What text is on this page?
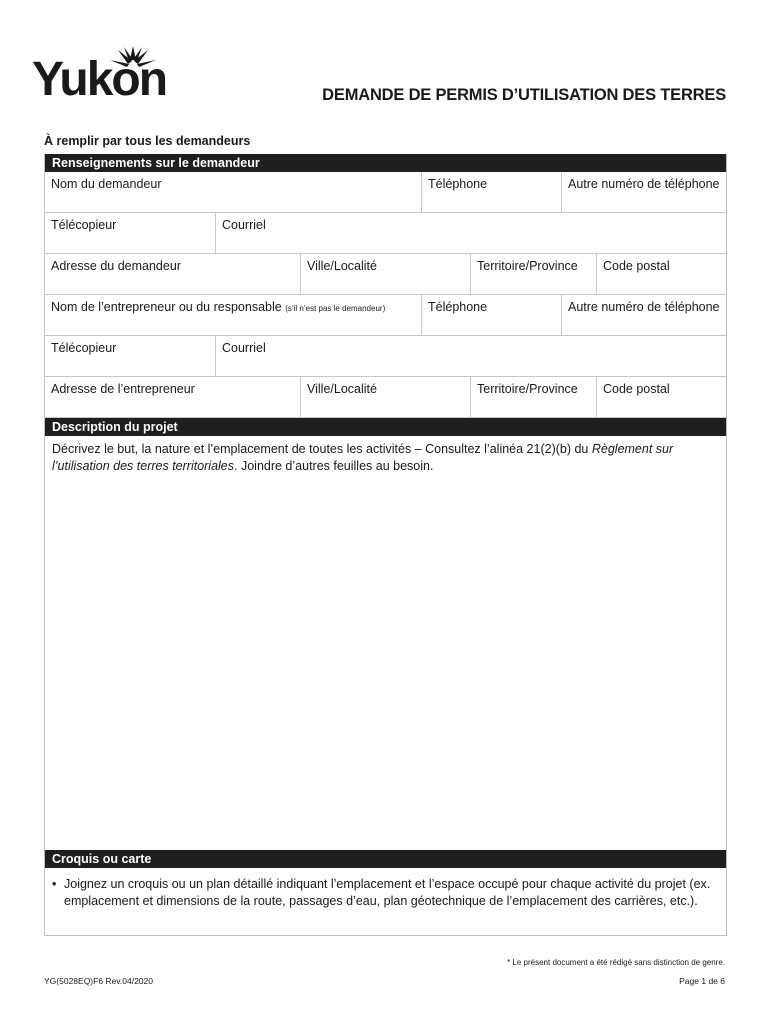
Yukon	DEMANDE DE PERMIS D’UTILISATION DES TERRES
À remplir par tous les demandeurs
Renseignements sur le demandeur
Nom du demandeur	Téléphone	Autre numéro de téléphone
Télécopieur	Courriel
Adresse du demandeur	Ville/Localité	Territoire/Province	Code postal
Nom de l’entrepreneur ou du responsable (s’il n’est pas le demandeur)	Téléphone	Autre numéro de téléphone
Télécopieur	Courriel
Adresse de l’entrepreneur	Ville/Localité	Territoire/Province	Code postal
Description du projet
Décrivez le but, la nature et l’emplacement de toutes les activités – Consultez l’alinéa 21(2)(b) du Règlement sur l’utilisation des terres territoriales. Joindre d’autres feuilles au besoin.
Croquis ou carte
• Joignez un croquis ou un plan détaillé indiquant l’emplacement et l’espace occupé pour chaque activité du projet (ex. emplacement et dimensions de la route, passages d’eau, plan géotechnique de l’emplacement des carrières, etc.).
* Le présent document a été rédigé sans distinction de genre.
YG(5028EQ)F6 Rev.04/2020	Page 1 de 6
